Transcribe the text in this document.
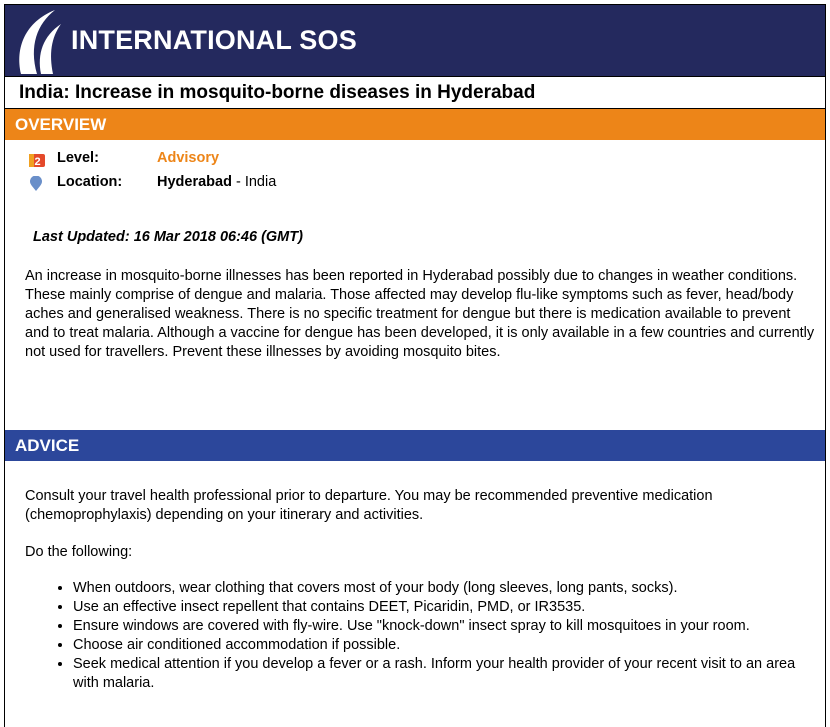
INTERNATIONAL SOS
India: Increase in mosquito-borne diseases in Hyderabad
OVERVIEW
2 Level:	Advisory
Location: Hyderabad - India
Last Updated: 16 Mar 2018 06:46 (GMT)
An increase in mosquito-borne illnesses has been reported in Hyderabad possibly due to changes in weather conditions. These mainly comprise of dengue and malaria. Those affected may develop flu-like symptoms such as fever, head/body aches and generalised weakness. There is no specific treatment for dengue but there is medication available to prevent and to treat malaria. Although a vaccine for dengue has been developed, it is only available in a few countries and currently not used for travellers. Prevent these illnesses by avoiding mosquito bites.
ADVICE
Consult your travel health professional prior to departure. You may be recommended preventive medication (chemoprophylaxis) depending on your itinerary and activities.
Do the following:
• When outdoors, wear clothing that covers most of your body (long sleeves, long pants, socks).
• Use an effective insect repellent that contains DEET, Picaridin, PMD, or IR3535.
• Ensure windows are covered with fly-wire. Use "knock-down" insect spray to kill mosquitoes in your room.
• Choose air conditioned accommodation if possible.
• Seek medical attention if you develop a fever or a rash. Inform your health provider of your recent visit to an area with malaria.
